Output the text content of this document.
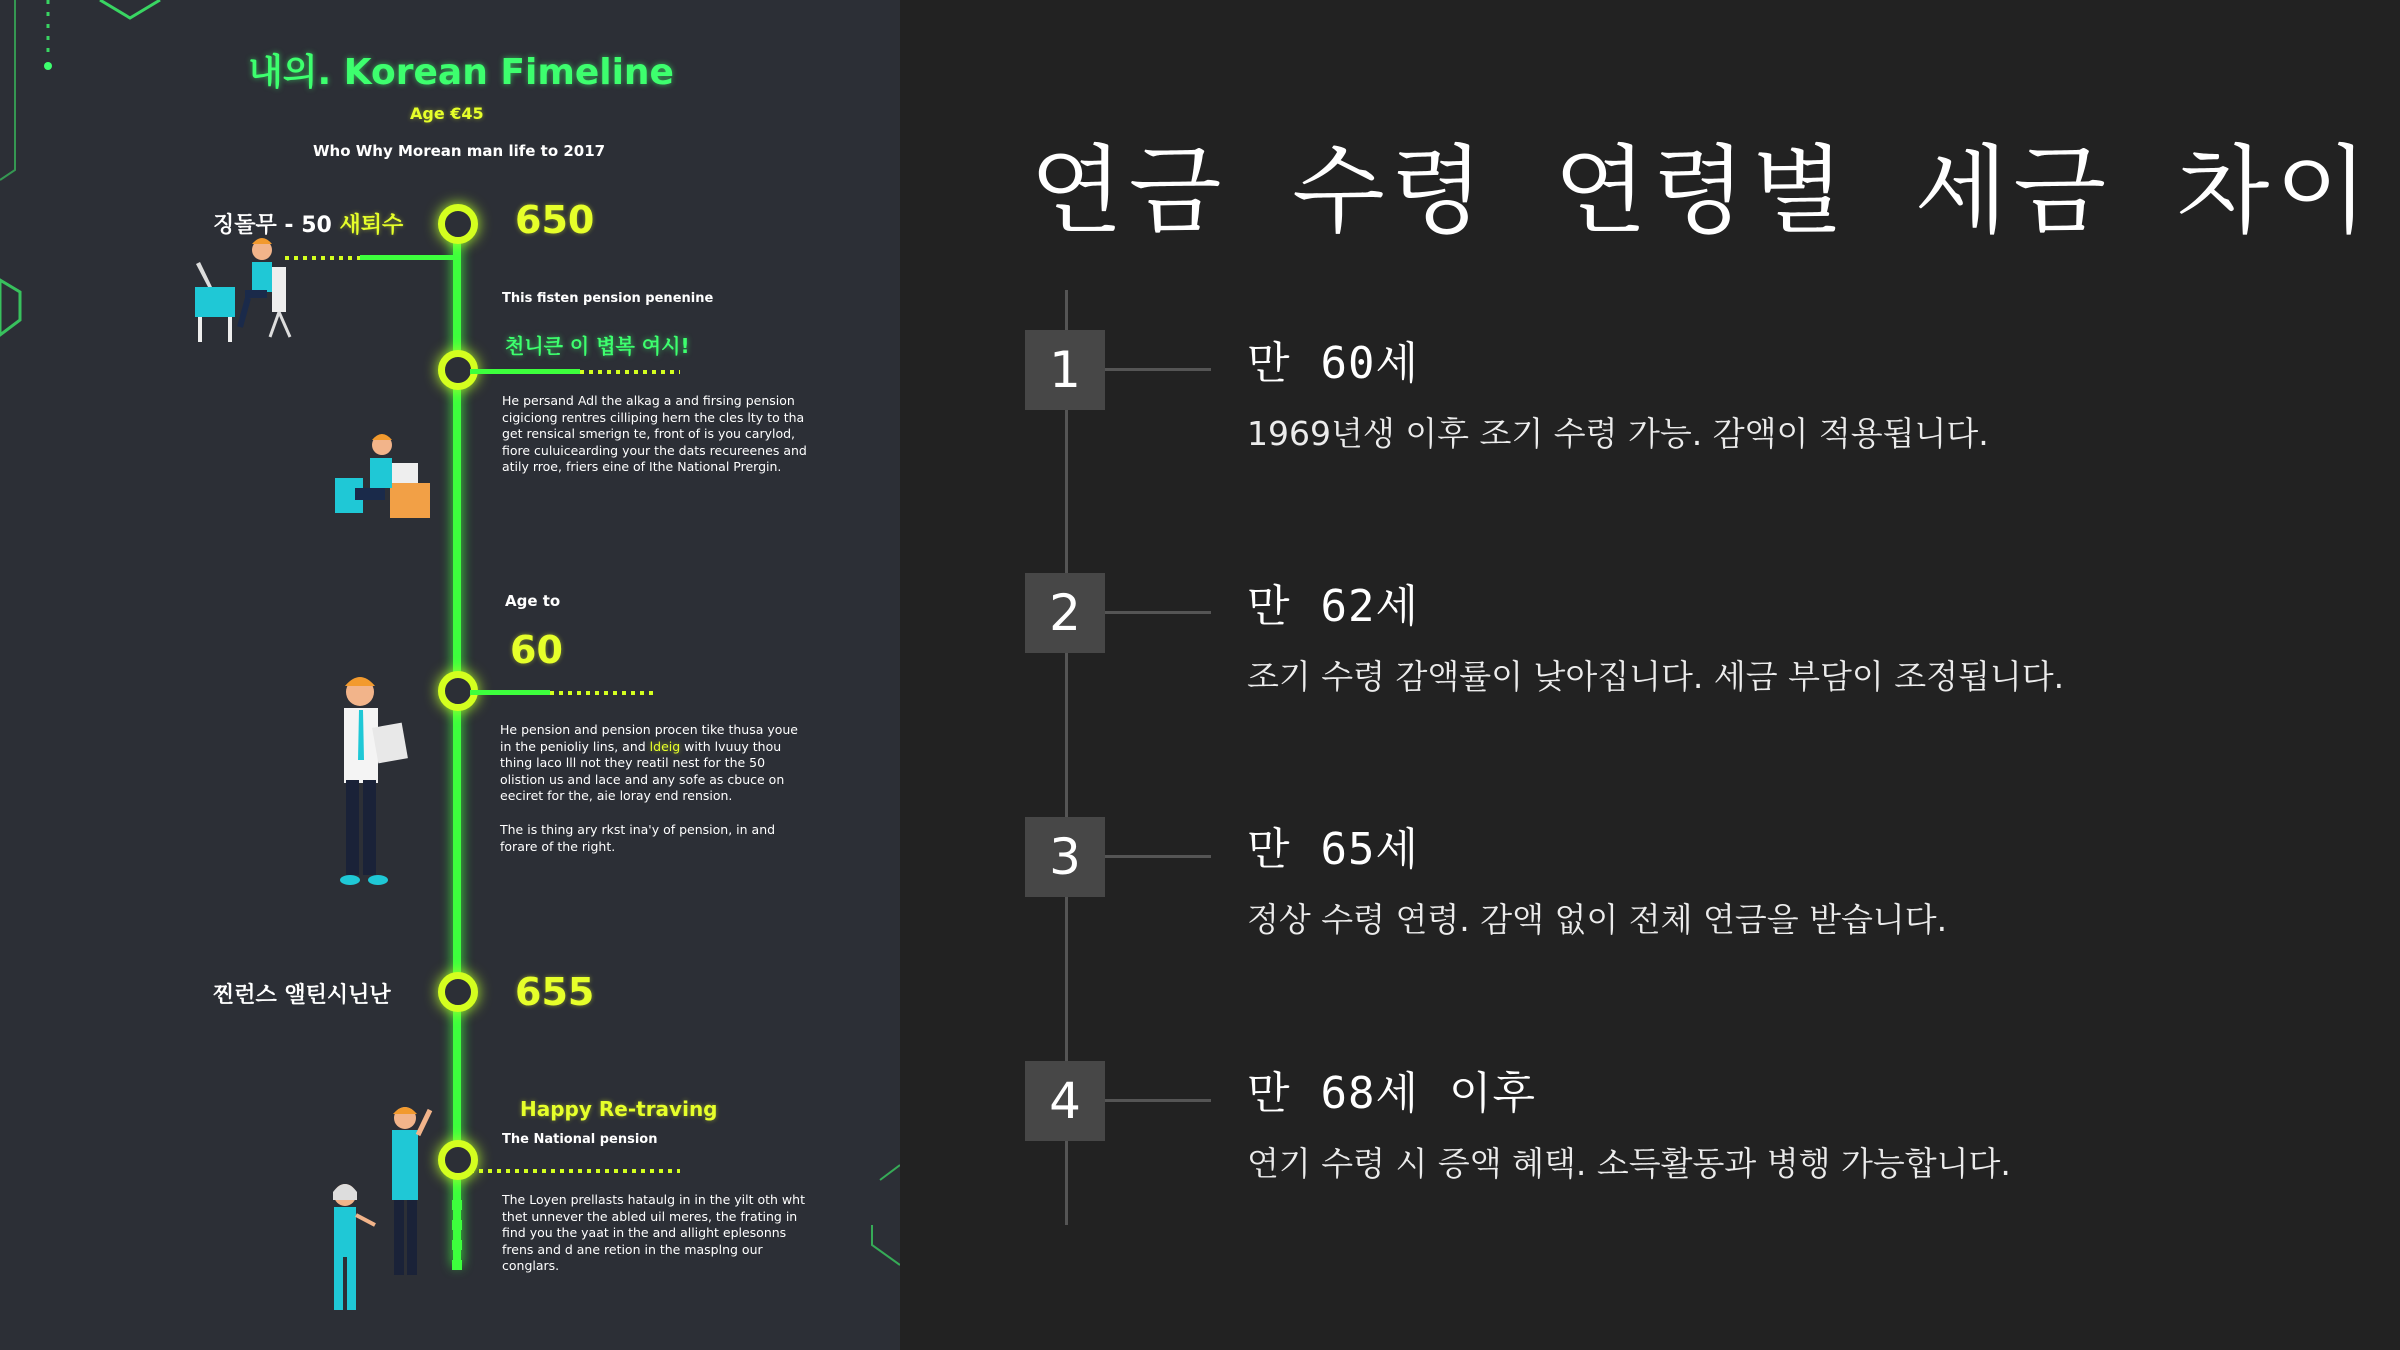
내의. Korean Fimeline
Age €45
Who Why Morean man life to 2017
징돌무 - 50 새퇴수	650
This fisten pension penenine
천니큰 이 볍복 여시!
He persand Adl the alkag a and firsing pension cigiciong rentres cilliping hern the cles lty to tha get rensical smerign te, front of is you carylod, fiore culuicearding your the dats recureenes and atily rroe, friers eine of Ithe National Prergin.
Age to
60
He pension and pension procen tike thusa youe in the penioliy lins, and ldeig with lvuuy thou thing laco lll not they reatil nest for the 50 olistion us and lace and any sofe as cbuce on eeciret for the, aie loray end rension.
The is thing ary rkst ina'y of pension, in and forare of the right.
찐런스 앨틴시닌난	655
Happy Re-traving
The National pension
The Loyen prellasts hataulg in in the yilt oth wht thet unnever the abled uil meres, the frating in find you the yaat in the and allight eplesonns frens and d ane retion in the masplng our conglars.
연금 수령 연령별 세금 차이
1	만 60세
1969년생 이후 조기 수령 가능. 감액이 적용됩니다.
2	만 62세
조기 수령 감액률이 낮아집니다. 세금 부담이 조정됩니다.
3	만 65세
정상 수령 연령. 감액 없이 전체 연금을 받습니다.
4	만 68세 이후
연기 수령 시 증액 혜택. 소득활동과 병행 가능합니다.
